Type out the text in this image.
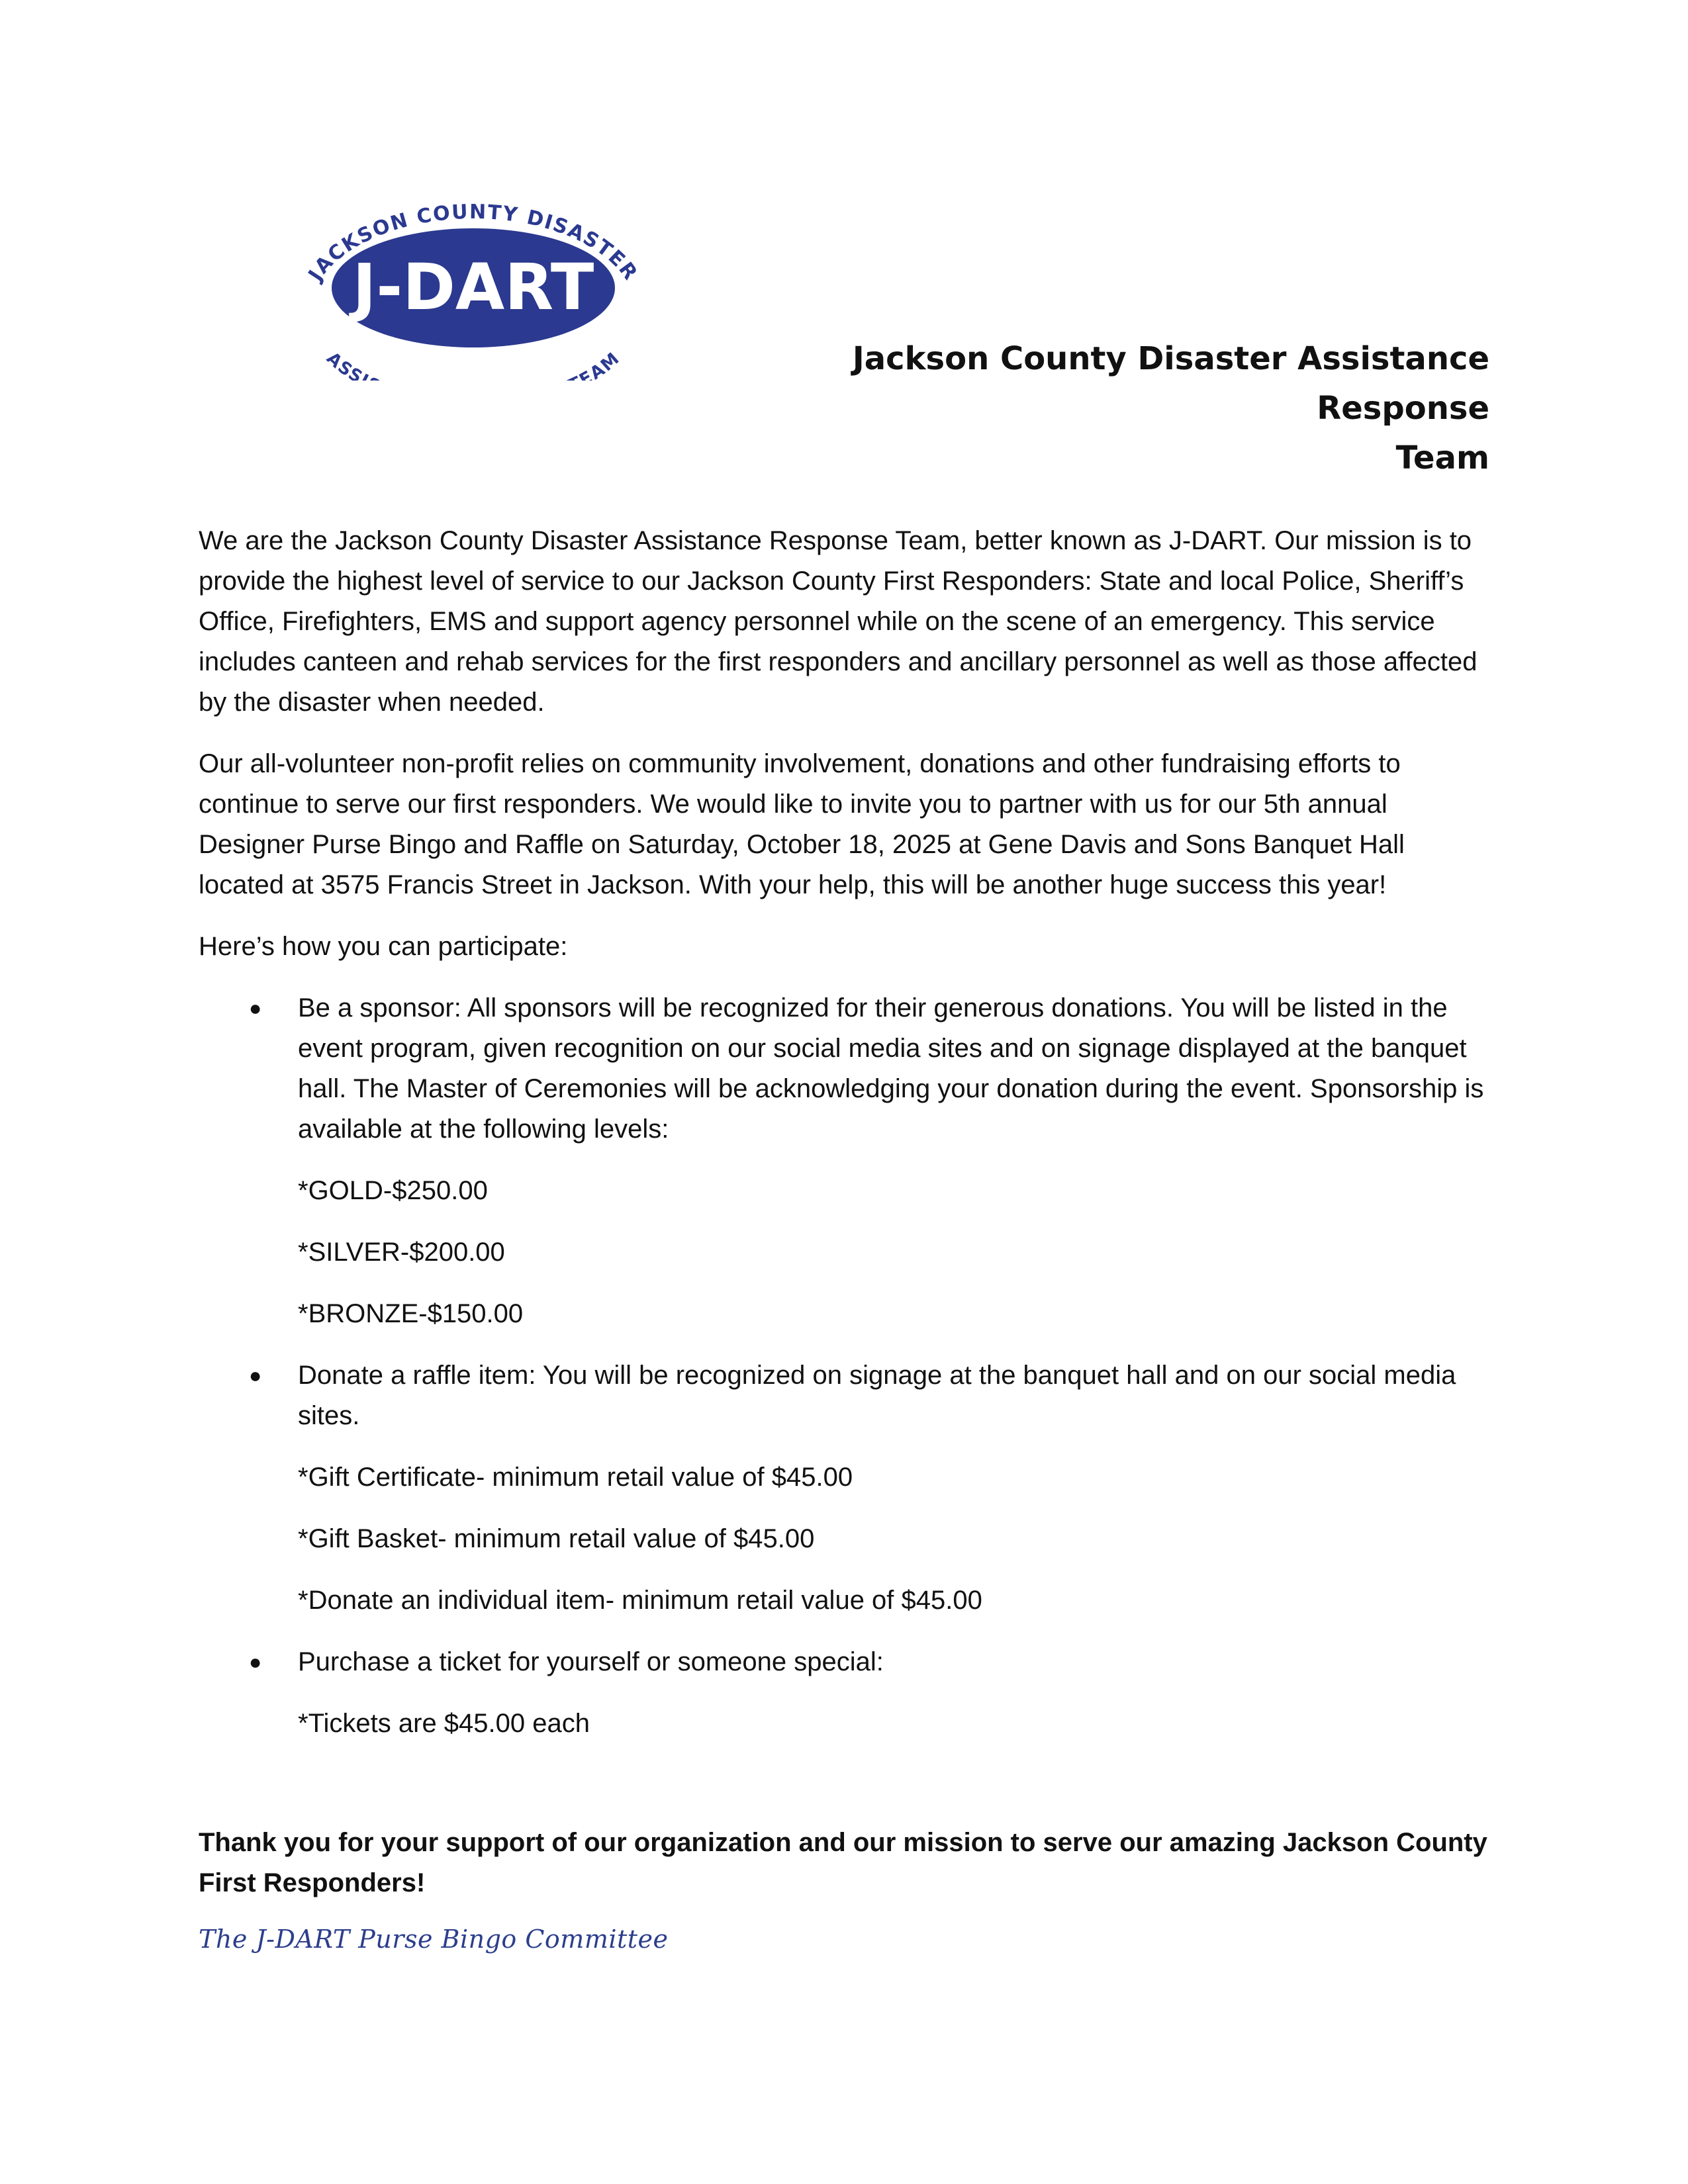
JACKSON COUNTY DISASTER
J-DART
ASS EAM	Jackson County Disaster Assistance Response
Team

We are the Jackson County Disaster Assistance Response Team, better known as J-DART. Our mission is to provide the highest level of service to our Jackson County First Responders: State and local Police, Sheriff’s Office, Firefighters, EMS and support agency personnel while on the scene of an emergency. This service includes canteen and rehab services for the first responders and ancillary personnel as well as those affected by the disaster when needed.

Our all-volunteer non-profit relies on community involvement, donations and other fundraising efforts to continue to serve our first responders. We would like to invite you to partner with us for our 5th annual Designer Purse Bingo and Raffle on Saturday, October 18, 2025 at Gene Davis and Sons Banquet Hall located at 3575 Francis Street in Jackson. With your help, this will be another huge success this year!

Here’s how you can participate:

● Be a sponsor: All sponsors will be recognized for their generous donations. You will be listed in the event program, given recognition on our social media sites and on signage displayed at the banquet hall. The Master of Ceremonies will be acknowledging your donation during the event. Sponsorship is available at the following levels:

*GOLD-$250.00
*SILVER-$200.00
*BRONZE-$150.00
● Donate a raffle item: You will be recognized on signage at the banquet hall and on our social media sites.

*Gift Certificate- minimum retail value of $45.00
*Gift Basket- minimum retail value of $45.00
*Donate an individual item- minimum retail value of $45.00
● Purchase a ticket for yourself or someone special:

*Tickets are $45.00 each
Thank you for your support of our organization and our mission to serve our amazing Jackson County First Responders!
The J-DART Purse Bingo Committee
